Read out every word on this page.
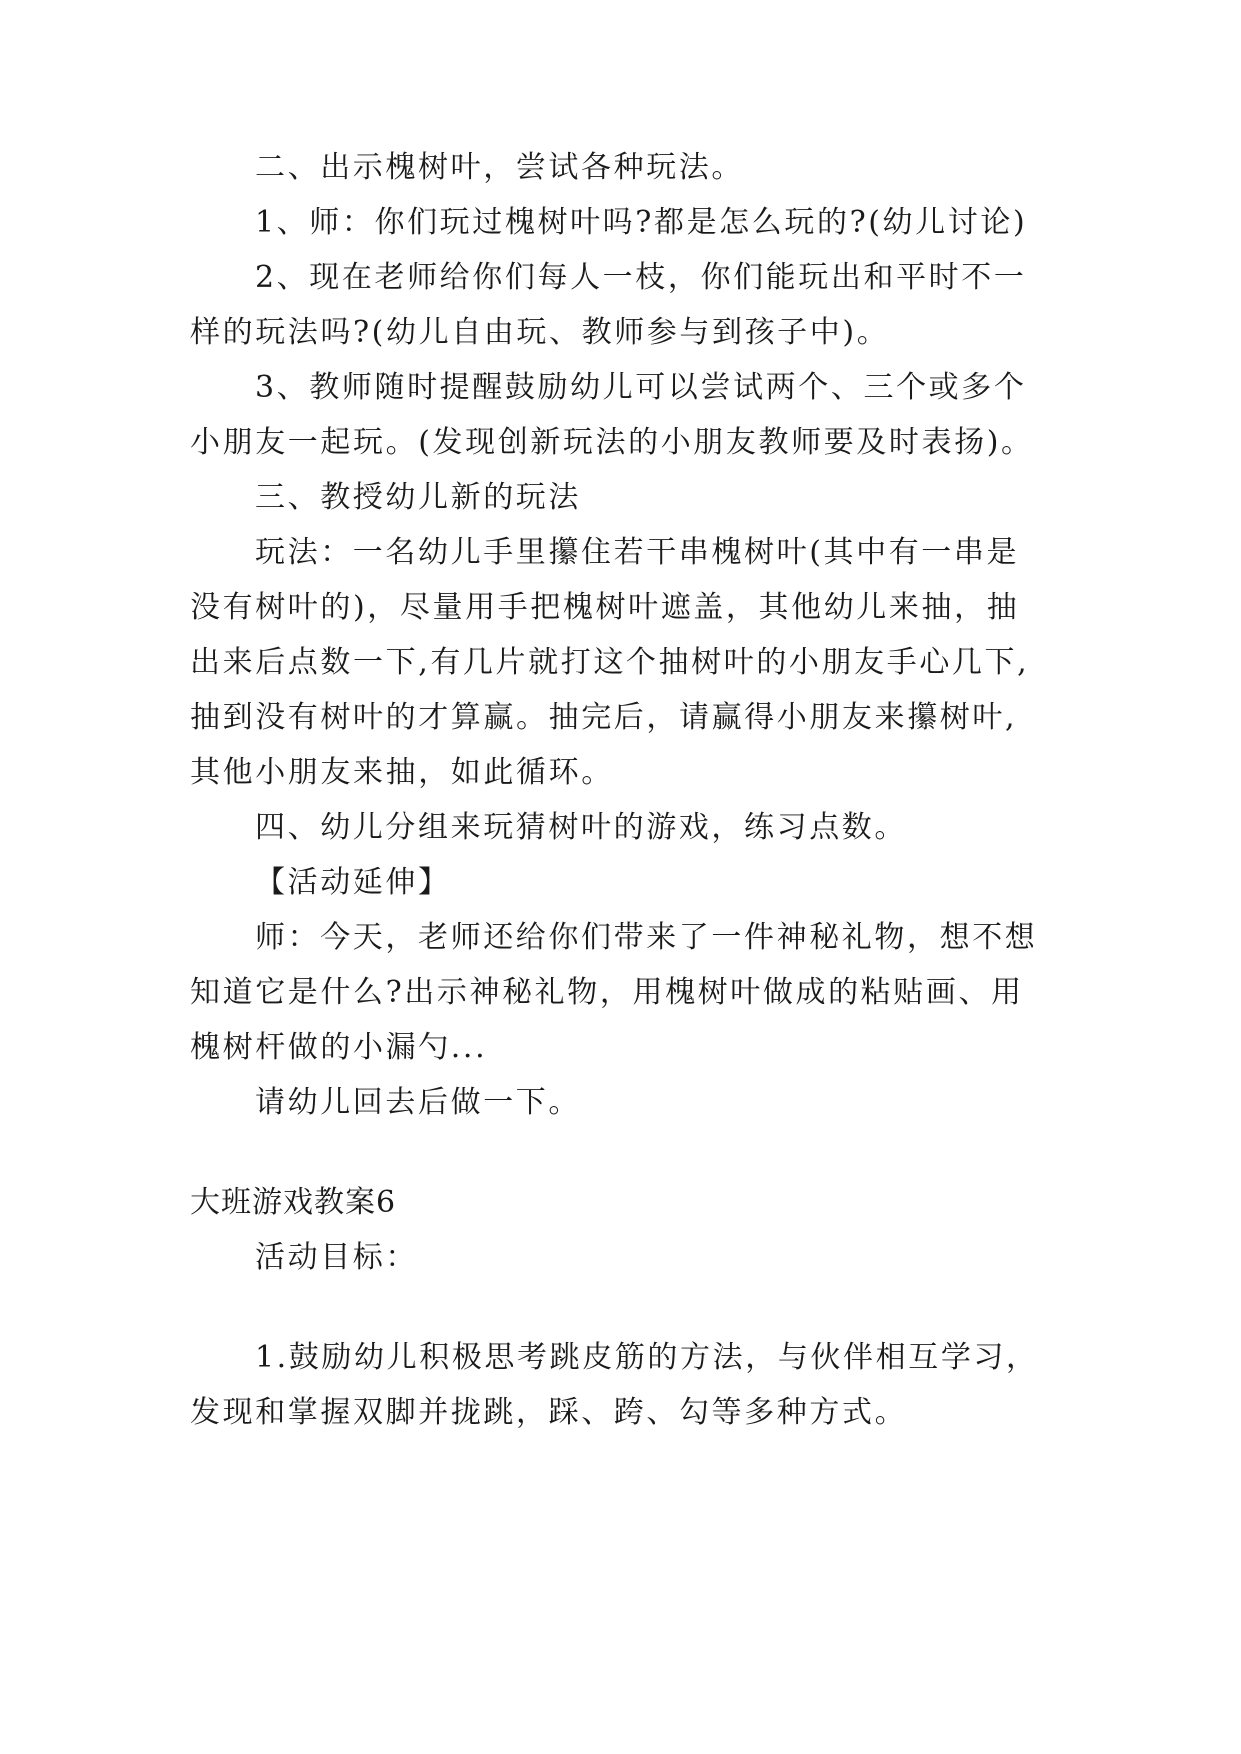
二、出示槐树叶，尝试各种玩法。
1、师：你们玩过槐树叶吗?都是怎么玩的?(幼儿讨论)
2、现在老师给你们每人一枝，你们能玩出和平时不一
样的玩法吗?(幼儿自由玩、教师参与到孩子中)。
3、教师随时提醒鼓励幼儿可以尝试两个、三个或多个
小朋友一起玩。(发现创新玩法的小朋友教师要及时表扬)。
三、教授幼儿新的玩法
玩法：一名幼儿手里攥住若干串槐树叶(其中有一串是
没有树叶的)，尽量用手把槐树叶遮盖，其他幼儿来抽，抽
出来后点数一下,有几片就打这个抽树叶的小朋友手心几下,
抽到没有树叶的才算赢。抽完后，请赢得小朋友来攥树叶,
其他小朋友来抽，如此循环。
四、幼儿分组来玩猜树叶的游戏，练习点数。
【活动延伸】
师：今天，老师还给你们带来了一件神秘礼物，想不想
知道它是什么?出示神秘礼物，用槐树叶做成的粘贴画、用
槐树杆做的小漏勺...
请幼儿回去后做一下。
大班游戏教案6
活动目标：
1.鼓励幼儿积极思考跳皮筋的方法，与伙伴相互学习，
发现和掌握双脚并拢跳，踩、跨、勾等多种方式。
